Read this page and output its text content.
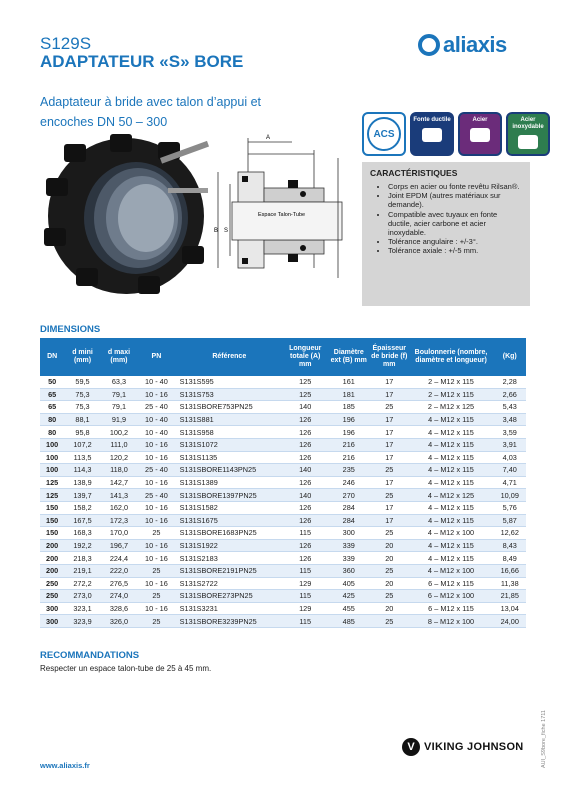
S129S
ADAPTATEUR «S» BORE
Adaptateur à bride avec talon d’appui et encoches DN 50 – 300
aliaxis
A
B S
Espace Talon-Tube
ACS
Fonte ductile	Acier	Acier inoxydable
CARACTÉRISTIQUES
• Corps en acier ou fonte revêtu Rilsan®.
• Joint EPDM (autres matériaux sur demande).
• Compatible avec tuyaux en fonte ductile, acier carbone et acier inoxydable.
• Tolérance angulaire : +/-3°.
• Tolérance axiale : +/-5 mm.
DIMENSIONS
DN	d mini (mm)	d maxi (mm)	PN	Référence	Longueur totale (A) mm	Diamètre ext (B) mm	Épaisseur de bride (f) mm	Boulonnerie (nombre, diamètre et longueur)	(Kg)
50	59,5	63,3	10 - 40	S131S595	125	161	17	2 – M12 x 115	2,28
65	75,3	79,1	10 - 16	S131S753	125	181	17	2 – M12 x 115	2,66
65	75,3	79,1	25 - 40	S131SBORE753PN25	140	185	25	2 – M12 x 125	5,43
80	88,1	91,9	10 - 40	S131S881	126	196	17	4 – M12 x 115	3,48
80	95,8	100,2	10 - 40	S131S958	126	196	17	4 – M12 x 115	3,59
100	107,2	111,0	10 - 16	S131S1072	126	216	17	4 – M12 x 115	3,91
100	113,5	120,2	10 - 16	S131S1135	126	216	17	4 – M12 x 115	4,03
100	114,3	118,0	25 - 40	S131SBORE1143PN25	140	235	25	4 – M12 x 115	7,40
125	138,9	142,7	10 - 16	S131S1389	126	246	17	4 – M12 x 115	4,71
125	139,7	141,3	25 - 40	S131SBORE1397PN25	140	270	25	4 – M12 x 125	10,09
150	158,2	162,0	10 - 16	S131S1582	126	284	17	4 – M12 x 115	5,76
150	167,5	172,3	10 - 16	S131S1675	126	284	17	4 – M12 x 115	5,87
150	168,3	170,0	25	S131SBORE1683PN25	115	300	25	4 – M12 x 100	12,62
200	192,2	196,7	10 - 16	S131S1922	126	339	20	4 – M12 x 115	8,43
200	218,3	224,4	10 - 16	S131S2183	126	339	20	4 – M12 x 115	8,49
200	219,1	222,0	25	S131SBORE2191PN25	115	360	25	4 – M12 x 100	16,66
250	272,2	276,5	10 - 16	S131S2722	129	405	20	6 – M12 x 115	11,38
250	273,0	274,0	25	S131SBORE273PN25	115	425	25	6 – M12 x 100	21,85
300	323,1	328,6	10 - 16	S131S3231	129	455	20	6 – M12 x 115	13,04
300	323,9	326,0	25	S131SBORE3239PN25	115	485	25	8 – M12 x 100	24,00
RECOMMANDATIONS
Respecter un espace talon-tube de 25 à 45 mm.
www.aliaxis.fr
V VIKING JOHNSON	AUI_S9bore_fiche 1711
